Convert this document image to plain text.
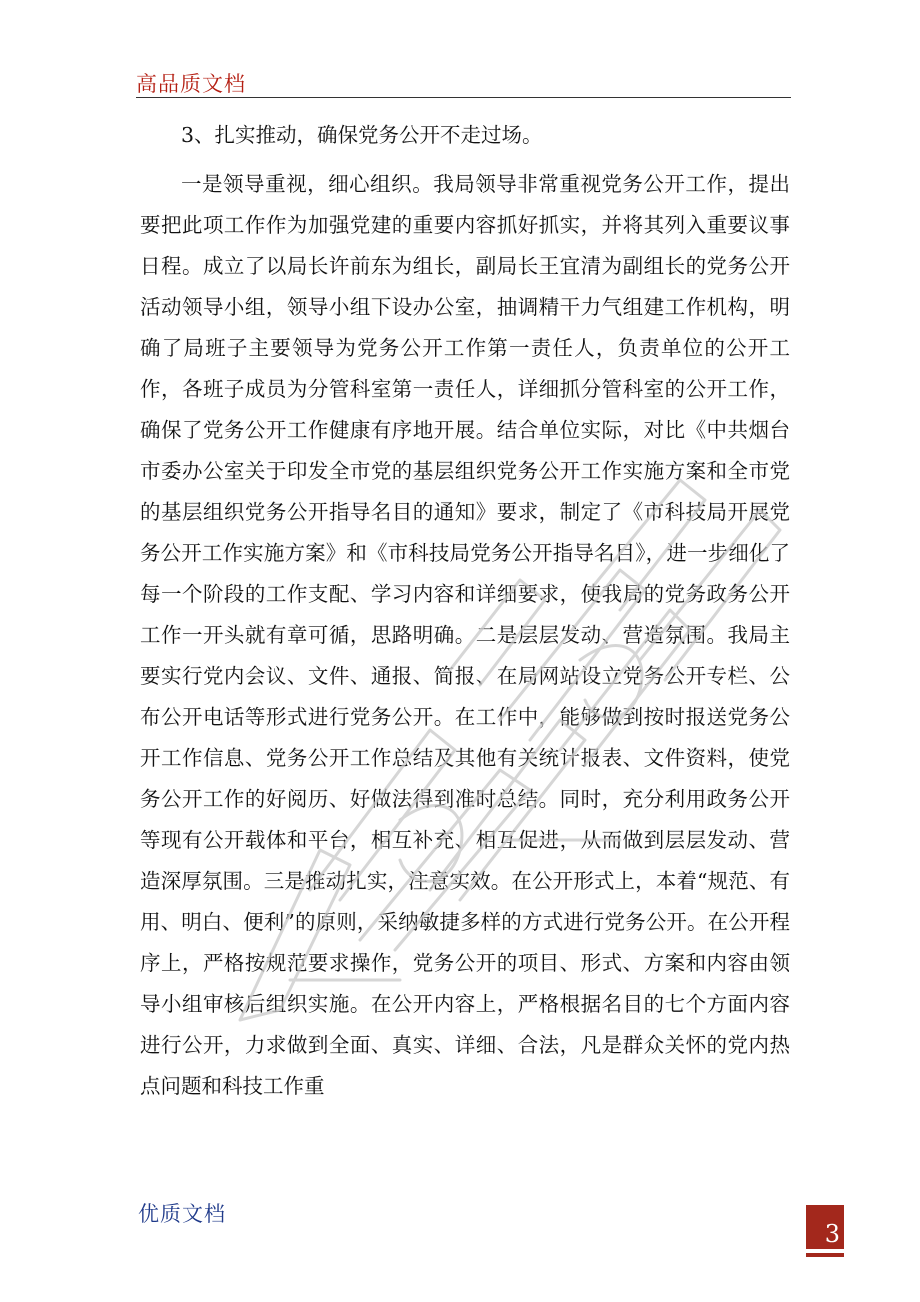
高品质文档

3、扎实推动，确保党务公开不走过场。

一是领导重视，细心组织。我局领导非常重视党务公开工作，提出要把此项工作作为加强党建的重要内容抓好抓实，并将其列入重要议事日程。成立了以局长许前东为组长，副局长王宜清为副组长的党务公开活动领导小组，领导小组下设办公室，抽调精干力气组建工作机构，明确了局班子主要领导为党务公开工作第一责任人，负责单位的公开工作，各班子成员为分管科室第一责任人，详细抓分管科室的公开工作，确保了党务公开工作健康有序地开展。结合单位实际，对比《中共烟台市委办公室关于印发全市党的基层组织党务公开工作实施方案和全市党的基层组织党务公开指导名目的通知》要求，制定了《市科技局开展党务公开工作实施方案》和《市科技局党务公开指导名目》，进一步细化了每一个阶段的工作支配、学习内容和详细要求，使我局的党务政务公开工作一开头就有章可循，思路明确。二是层层发动、营造氛围。我局主要实行党内会议、文件、通报、简报、在局网站设立党务公开专栏、公布公开电话等形式进行党务公开。在工作中，能够做到按时报送党务公开工作信息、党务公开工作总结及其他有关统计报表、文件资料，使党务公开工作的好阅历、好做法得到准时总结。同时，充分利用政务公开等现有公开载体和平台，相互补充、相互促进，从而做到层层发动、营造深厚氛围。三是推动扎实，注意实效。在公开形式上，本着“规范、有用、明白、便利”的原则，采纳敏捷多样的方式进行党务公开。在公开程序上，严格按规范要求操作，党务公开的项目、形式、方案和内容由领导小组审核后组织实施。在公开内容上，严格根据名目的七个方面内容进行公开，力求做到全面、真实、详细、合法，凡是群众关怀的党内热点问题和科技工作重

优质文档
3
